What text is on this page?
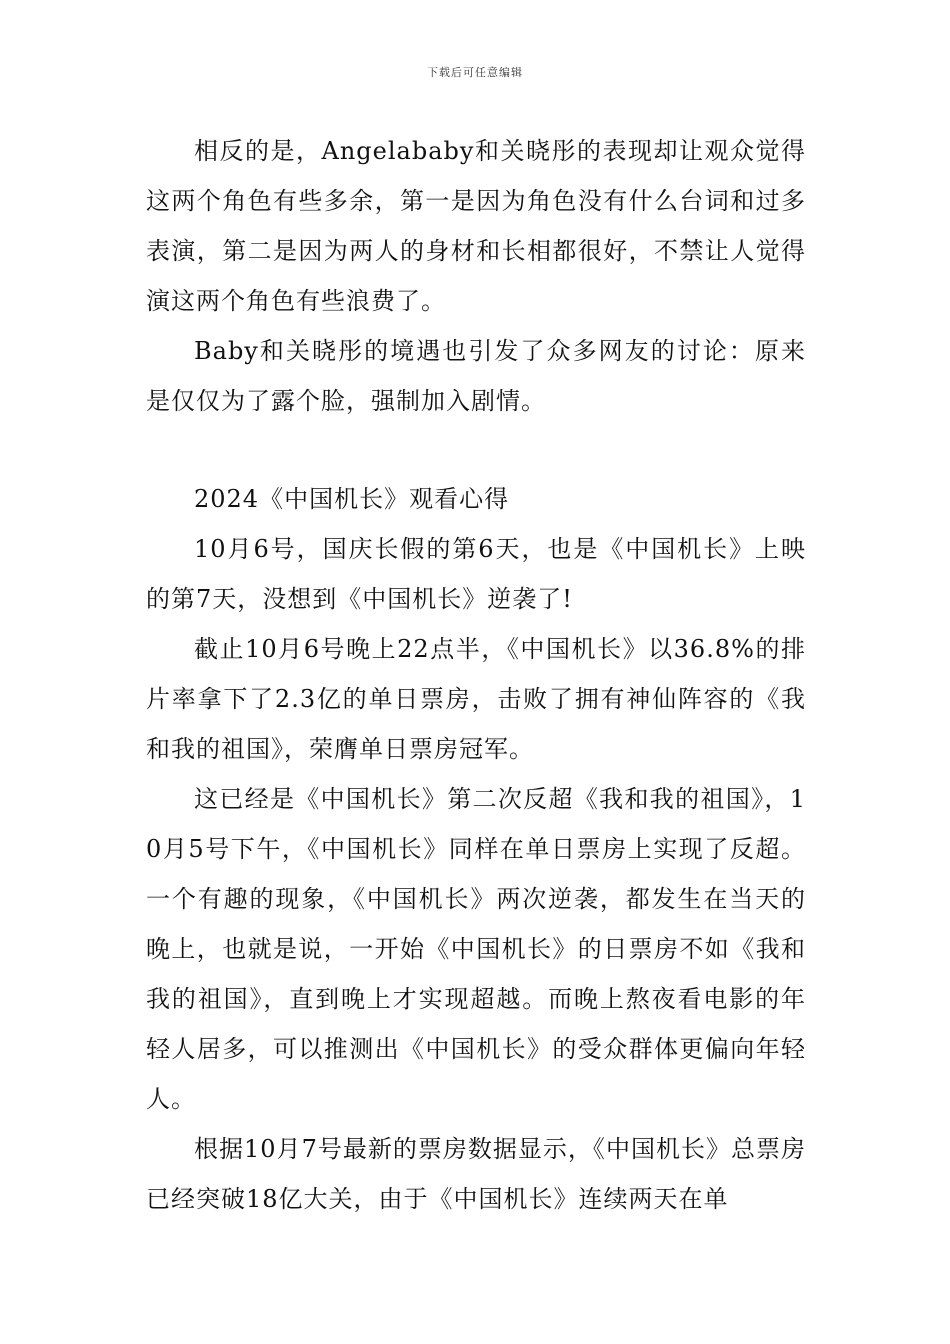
下载后可任意编辑

相反的是，Angelababy和关晓彤的表现却让观众觉得这两个角色有些多余，第一是因为角色没有什么台词和过多表演，第二是因为两人的身材和长相都很好，不禁让人觉得演这两个角色有些浪费了。

Baby和关晓彤的境遇也引发了众多网友的讨论：原来是仅仅为了露个脸，强制加入剧情。

2024《中国机长》观看心得

10月6号，国庆长假的第6天，也是《中国机长》上映的第7天，没想到《中国机长》逆袭了!

截止10月6号晚上22点半，《中国机长》以36.8%的排片率拿下了2.3亿的单日票房，击败了拥有神仙阵容的《我和我的祖国》，荣膺单日票房冠军。

这已经是《中国机长》第二次反超《我和我的祖国》，10月5号下午，《中国机长》同样在单日票房上实现了反超。一个有趣的现象，《中国机长》两次逆袭，都发生在当天的晚上，也就是说，一开始《中国机长》的日票房不如《我和我的祖国》，直到晚上才实现超越。而晚上熬夜看电影的年轻人居多，可以推测出《中国机长》的受众群体更偏向年轻人。

根据10月7号最新的票房数据显示，《中国机长》总票房已经突破18亿大关，由于《中国机长》连续两天在单
